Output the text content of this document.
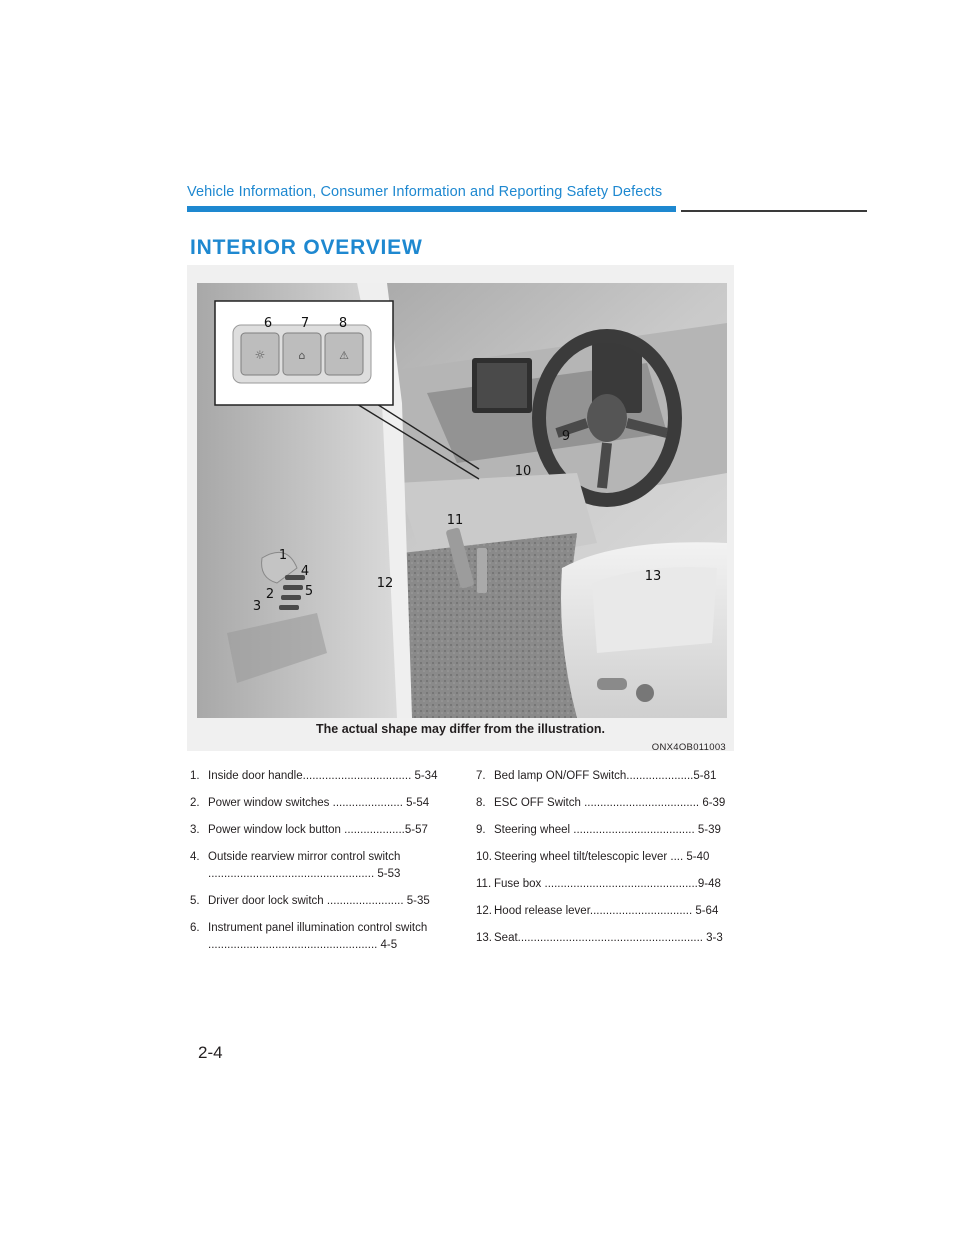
Vehicle Information, Consumer Information and Reporting Safety Defects
INTERIOR OVERVIEW
☼	⌂	⚠
6 7 8
1
2
3
4
5
9
10
11
12	13
The actual shape may differ from the illustration.
ONX4OB011003
1. Inside door handle.................................. 5-34
2. Power window switches ...................... 5-54
3. Power window lock button ...................5-57
4. Outside rearview mirror control switch .................................................... 5-53
5. Driver door lock switch ........................ 5-35
6. Instrument panel illumination control switch ..................................................... 4-5
7. Bed lamp ON/OFF Switch.....................5-81
8. ESC OFF Switch .................................... 6-39
9. Steering wheel ...................................... 5-39
10. Steering wheel tilt/telescopic lever .... 5-40
11. Fuse box ................................................9-48
12. Hood release lever................................ 5-64
13. Seat.......................................................... 3-3
2-4
